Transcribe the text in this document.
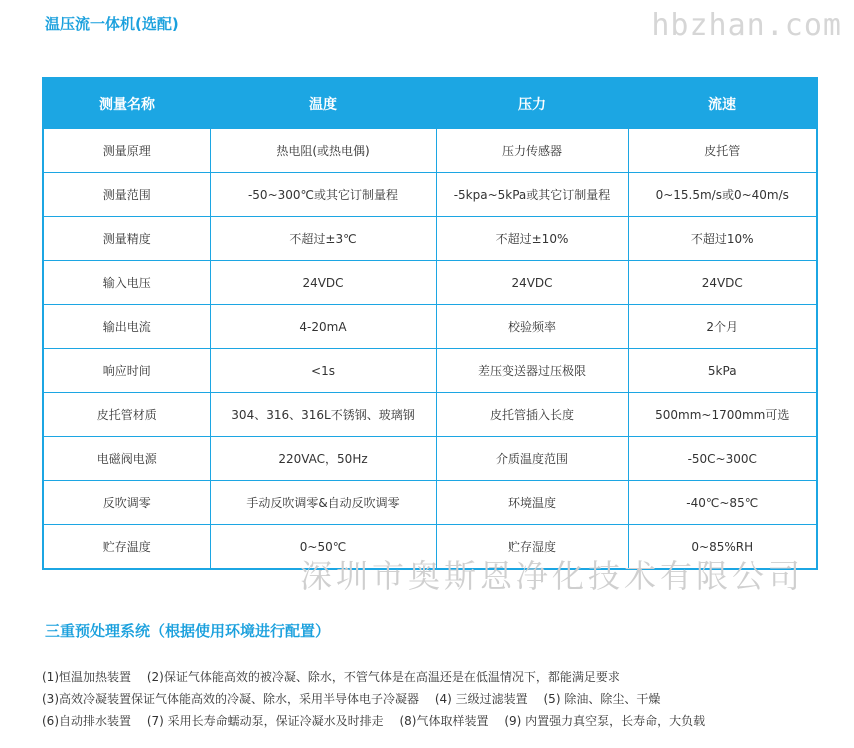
温压流一体机(选配)	hbzhan.com
测量名称	温度	压力	流速
测量原理	热电阻(或热电偶)	压力传感器	皮托管
测量范围	-50~300℃或其它订制量程	-5kpa~5kPa或其它订制量程	0~15.5m/s或0~40m/s
测量精度	不超过±3℃	不超过±10%	不超过10%
输入电压	24VDC	24VDC	24VDC
输出电流	4-20mA	校验频率	2个月
响应时间	<1s	差压变送器过压极限	5kPa
皮托管材质	304、316、316L不锈钢、玻璃钢	皮托管插入长度	500mm~1700mm可选
电磁阀电源	220VAC，50Hz	介质温度范围	-50C~300C
反吹调零	手动反吹调零&自动反吹调零	环境温度	-40℃~85℃
贮存温度	0~50℃	贮存湿度	0~85%RH
深圳市奥斯恩净化技术有限公司
三重预处理系统（根据使用环境进行配置）
(1)恒温加热装置 (2)保证气体能高效的被冷凝、除水，不管气体是在高温还是在低温情况下，都能满足要求
(3)高效冷凝装置保证气体能高效的冷凝、除水，采用半导体电子冷凝器 (4) 三级过滤装置 (5) 除油、除尘、干燥
(6)自动排水装置 (7) 采用长寿命蠕动泵，保证冷凝水及时排走 (8)气体取样装置 (9) 内置强力真空泵，长寿命，大负载
